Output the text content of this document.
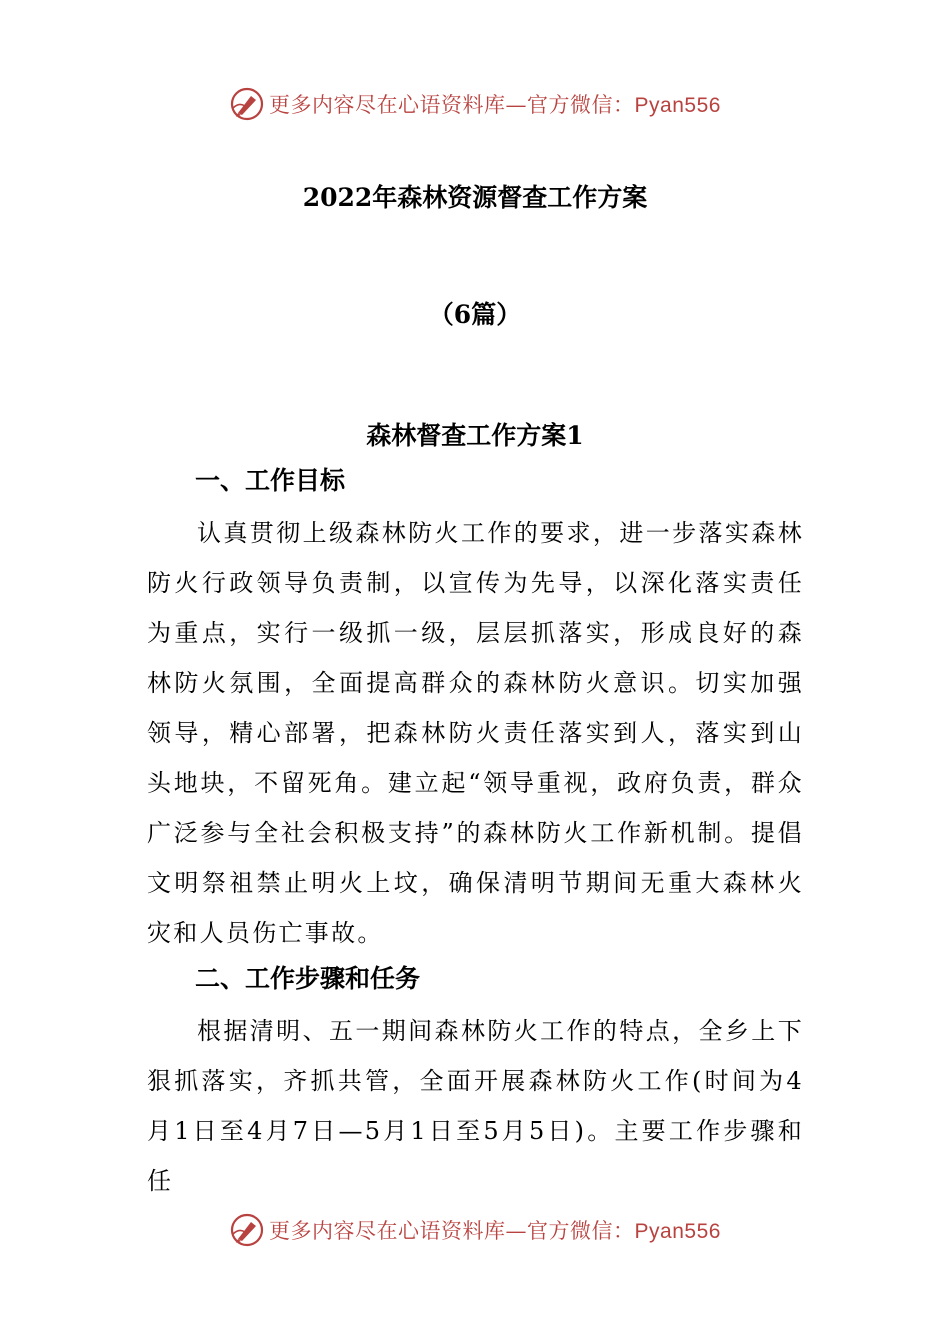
更多内容尽在心语资料库—官方微信：Pyan556
2022年森林资源督查工作方案
（6篇）
森林督查工作方案1
一、工作目标

认真贯彻上级森林防火工作的要求，进一步落实森林防火行政领导负责制，以宣传为先导，以深化落实责任为重点，实行一级抓一级，层层抓落实，形成良好的森林防火氛围，全面提高群众的森林防火意识。切实加强领导，精心部署，把森林防火责任落实到人，落实到山头地块，不留死角。建立起“领导重视，政府负责，群众广泛参与全社会积极支持”的森林防火工作新机制。提倡文明祭祖禁止明火上坟，确保清明节期间无重大森林火灾和人员伤亡事故。

二、工作步骤和任务

根据清明、五一期间森林防火工作的特点，全乡上下狠抓落实，齐抓共管，全面开展森林防火工作(时间为4月1日至4月7日—5月1日至5月5日)。主要工作步骤和任

更多内容尽在心语资料库—官方微信：Pyan556
